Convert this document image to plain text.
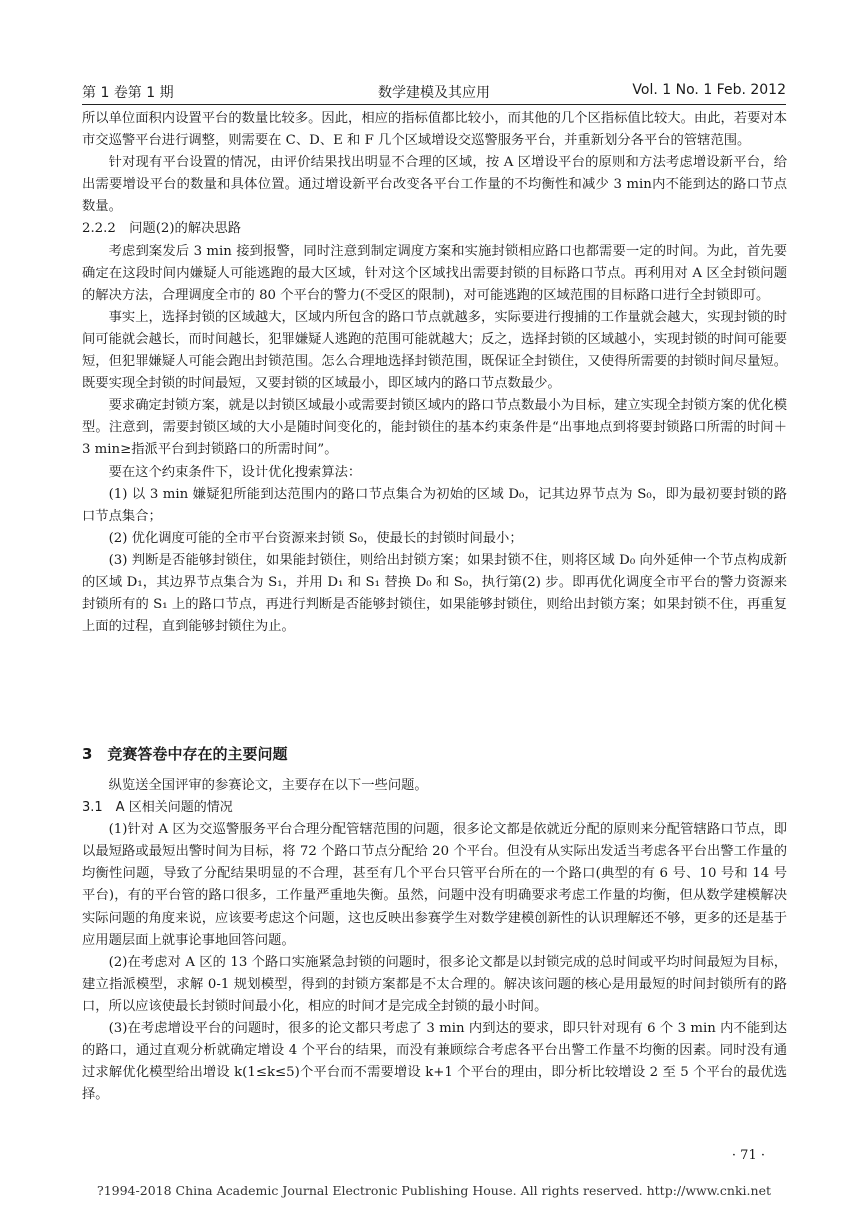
第 1 卷第 1 期	数学建模及其应用	Vol. 1 No. 1 Feb. 2012

所以单位面积内设置平台的数量比较多。因此，相应的指标值都比较小，而其他的几个区指标值比较大。由此，若要对本市交巡警平台进行调整，则需要在 C、D、E 和 F 几个区域增设交巡警服务平台，并重新划分各平台的管辖范围。

针对现有平台设置的情况，由评价结果找出明显不合理的区域，按 A 区增设平台的原则和方法考虑增设新平台，给出需要增设平台的数量和具体位置。通过增设新平台改变各平台工作量的不均衡性和减少 3 min内不能到达的路口节点数量。

2.2.2　问题(2)的解决思路

考虑到案发后 3 min 接到报警，同时注意到制定调度方案和实施封锁相应路口也都需要一定的时间。为此，首先要确定在这段时间内嫌疑人可能逃跑的最大区域，针对这个区域找出需要封锁的目标路口节点。再利用对 A 区全封锁问题的解决方法，合理调度全市的 80 个平台的警力(不受区的限制)，对可能逃跑的区域范围的目标路口进行全封锁即可。

事实上，选择封锁的区域越大，区域内所包含的路口节点就越多，实际要进行搜捕的工作量就会越大，实现封锁的时间可能就会越长，而时间越长，犯罪嫌疑人逃跑的范围可能就越大；反之，选择封锁的区域越小，实现封锁的时间可能要短，但犯罪嫌疑人可能会跑出封锁范围。怎么合理地选择封锁范围，既保证全封锁住，又使得所需要的封锁时间尽量短。既要实现全封锁的时间最短，又要封锁的区域最小，即区域内的路口节点数最少。

要求确定封锁方案，就是以封锁区域最小或需要封锁区域内的路口节点数最小为目标，建立实现全封锁方案的优化模型。注意到，需要封锁区域的大小是随时间变化的，能封锁住的基本约束条件是“出事地点到将要封锁路口所需的时间＋3 min≥指派平台到封锁路口的所需时间”。

要在这个约束条件下，设计优化搜索算法：

(1) 以 3 min 嫌疑犯所能到达范围内的路口节点集合为初始的区域 D₀，记其边界节点为 S₀，即为最初要封锁的路口节点集合；

(2) 优化调度可能的全市平台资源来封锁 S₀，使最长的封锁时间最小；

(3) 判断是否能够封锁住，如果能封锁住，则给出封锁方案；如果封锁不住，则将区域 D₀ 向外延伸一个节点构成新的区域 D₁，其边界节点集合为 S₁，并用 D₁ 和 S₁ 替换 D₀ 和 S₀，执行第(2) 步。即再优化调度全市平台的警力资源来封锁所有的 S₁ 上的路口节点，再进行判断是否能够封锁住，如果能够封锁住，则给出封锁方案；如果封锁不住，再重复上面的过程，直到能够封锁住为止。

3　竞赛答卷中存在的主要问题

纵览送全国评审的参赛论文，主要存在以下一些问题。

3.1　A 区相关问题的情况

(1)针对 A 区为交巡警服务平台合理分配管辖范围的问题，很多论文都是依就近分配的原则来分配管辖路口节点，即以最短路或最短出警时间为目标，将 72 个路口节点分配给 20 个平台。但没有从实际出发适当考虑各平台出警工作量的均衡性问题，导致了分配结果明显的不合理，甚至有几个平台只管平台所在的一个路口(典型的有 6 号、10 号和 14 号平台)，有的平台管的路口很多，工作量严重地失衡。虽然，问题中没有明确要求考虑工作量的均衡，但从数学建模解决实际问题的角度来说，应该要考虑这个问题，这也反映出参赛学生对数学建模创新性的认识理解还不够，更多的还是基于应用题层面上就事论事地回答问题。

(2)在考虑对 A 区的 13 个路口实施紧急封锁的问题时，很多论文都是以封锁完成的总时间或平均时间最短为目标，建立指派模型，求解 0-1 规划模型，得到的封锁方案都是不太合理的。解决该问题的核心是用最短的时间封锁所有的路口，所以应该使最长封锁时间最小化，相应的时间才是完成全封锁的最小时间。

(3)在考虑增设平台的问题时，很多的论文都只考虑了 3 min 内到达的要求，即只针对现有 6 个 3 min 内不能到达的路口，通过直观分析就确定增设 4 个平台的结果，而没有兼顾综合考虑各平台出警工作量不均衡的因素。同时没有通过求解优化模型给出增设 k(1≤k≤5)个平台而不需要增设 k+1 个平台的理由，即分析比较增设 2 至 5 个平台的最优选择。

· 71 ·
?1994-2018 China Academic Journal Electronic Publishing House. All rights reserved. http://www.cnki.net
